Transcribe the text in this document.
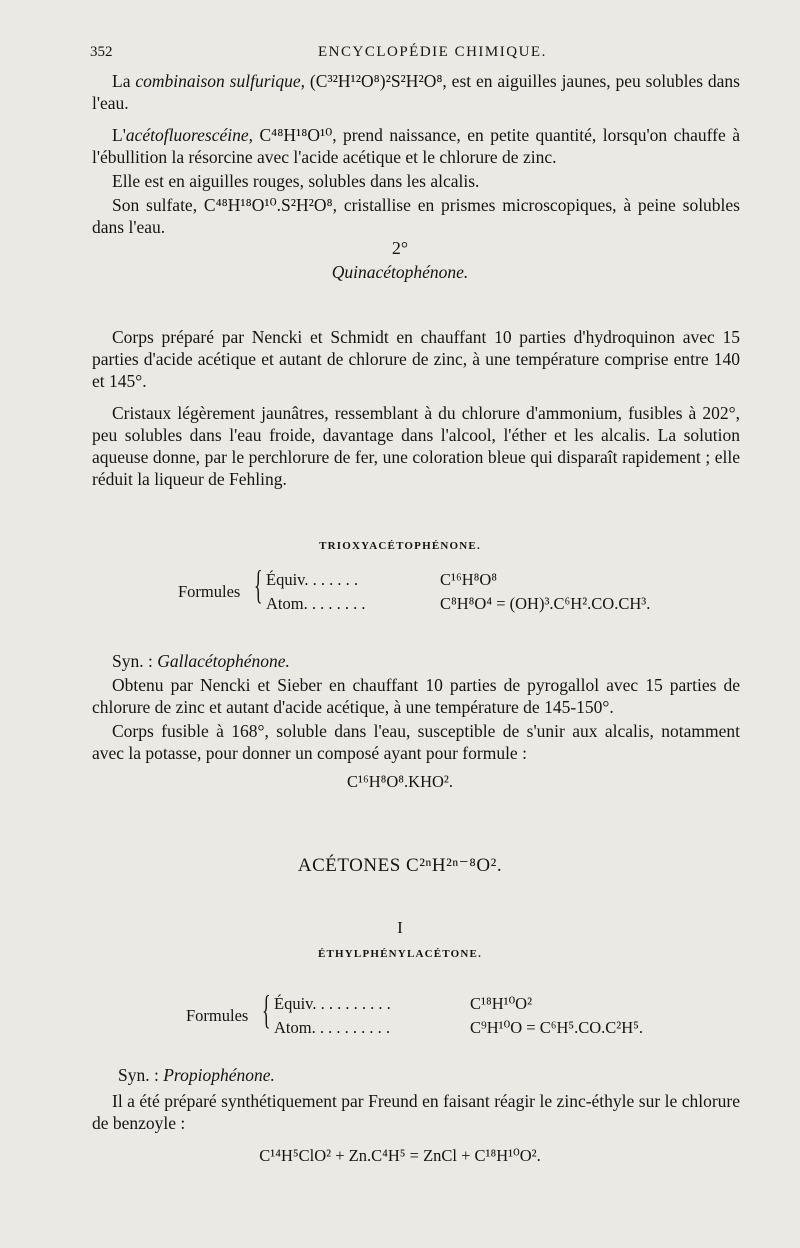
352	ENCYCLOPÉDIE CHIMIQUE.

La combinaison sulfurique, (C³²H¹²O⁸)²S²H²O⁸, est en aiguilles jaunes, peu solubles dans l'eau.

L'acétofluorescéine, C⁴⁸H¹⁸O¹⁰, prend naissance, en petite quantité, lorsqu'on chauffe à l'ébullition la résorcine avec l'acide acétique et le chlorure de zinc.

Elle est en aiguilles rouges, solubles dans les alcalis.

Son sulfate, C⁴⁸H¹⁸O¹⁰.S²H²O⁸, cristallise en prismes microscopiques, à peine solubles dans l'eau.

2°
Quinacétophénone.

Corps préparé par Nencki et Schmidt en chauffant 10 parties d'hydroquinon avec 15 parties d'acide acétique et autant de chlorure de zinc, à une température comprise entre 140 et 145°.

Cristaux légèrement jaunâtres, ressemblant à du chlorure d'ammonium, fusibles à 202°, peu solubles dans l'eau froide, davantage dans l'alcool, l'éther et les alcalis. La solution aqueuse donne, par le perchlorure de fer, une coloration bleue qui disparaît rapidement ; elle réduit la liqueur de Fehling.

TRIOXYACÉTOPHÉNONE.
Formules { Équiv. . . . . . .	C¹⁶H⁸O⁸
Atom. . . . . . . .	C⁸H⁸O⁴ = (OH)³.C⁶H².CO.CH³.
Syn. : Gallacétophénone.

Obtenu par Nencki et Sieber en chauffant 10 parties de pyrogallol avec 15 parties de chlorure de zinc et autant d'acide acétique, à une température de 145-150°.

Corps fusible à 168°, soluble dans l'eau, susceptible de s'unir aux alcalis, notamment avec la potasse, pour donner un composé ayant pour formule :

C¹⁶H⁸O⁸.KHO².
ACÉTONES C²ⁿH²ⁿ⁻⁸O².
I
ÉTHYLPHÉNYLACÉTONE.
Formules { Équiv. . . . . . . . . .	C¹⁸H¹⁰O²
Atom. . . . . . . . . .	C⁹H¹⁰O = C⁶H⁵.CO.C²H⁵.
Syn. : Propiophénone.

Il a été préparé synthétiquement par Freund en faisant réagir le zinc-éthyle sur le chlorure de benzoyle :

C¹⁴H⁵ClO² + Zn.C⁴H⁵ = ZnCl + C¹⁸H¹⁰O².
